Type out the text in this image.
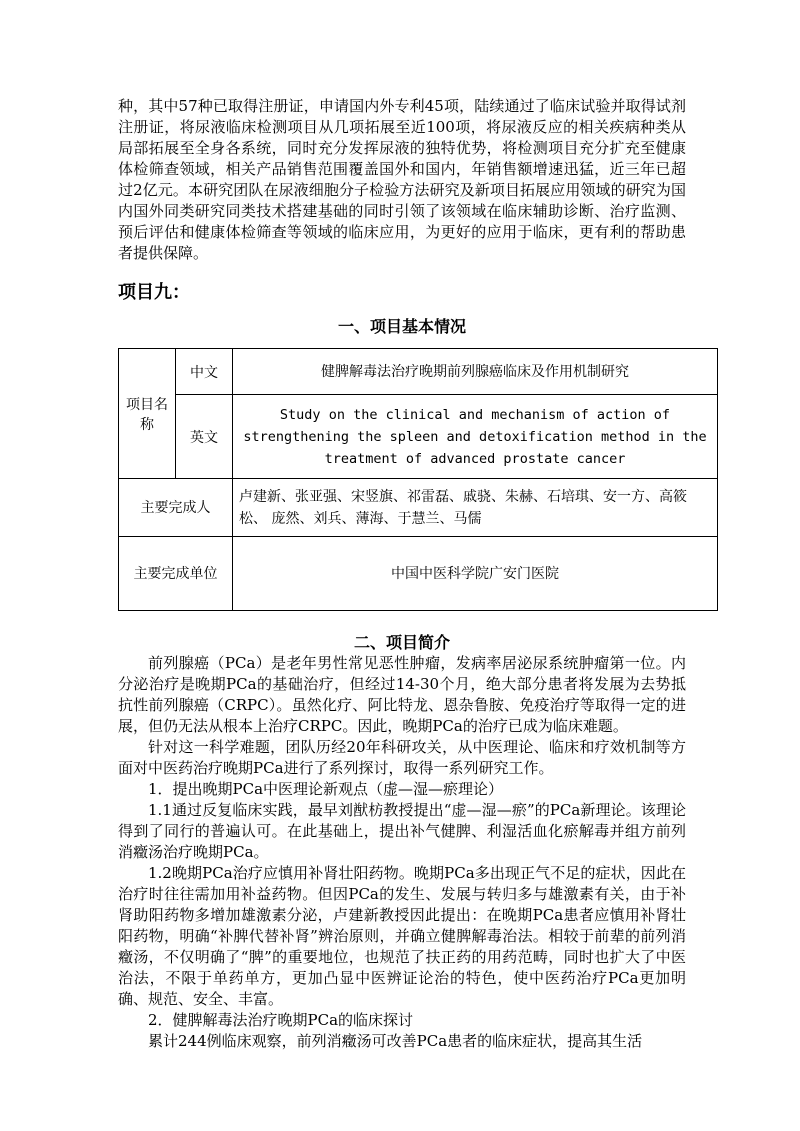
种，其中57种已取得注册证，申请国内外专利45项，陆续通过了临床试验并取得试剂注册证，将尿液临床检测项目从几项拓展至近100项，将尿液反应的相关疾病种类从局部拓展至全身各系统，同时充分发挥尿液的独特优势，将检测项目充分扩充至健康体检筛查领域，相关产品销售范围覆盖国外和国内，年销售额增速迅猛，近三年已超过2亿元。本研究团队在尿液细胞分子检验方法研究及新项目拓展应用领域的研究为国内国外同类研究同类技术搭建基础的同时引领了该领域在临床辅助诊断、治疗监测、预后评估和健康体检筛查等领域的临床应用，为更好的应用于临床，更有利的帮助患者提供保障。

项目九：
一、项目基本情况
项目名称	中文	健脾解毒法治疗晚期前列腺癌临床及作用机制研究
	英文	Study on the clinical and mechanism of action of strengthening the spleen and detoxification method in the treatment of advanced prostate cancer
主要完成人		卢建新、张亚强、宋竖旗、祁雷磊、戚骁、朱赫、石培琪、安一方、高筱松、 庞然、刘兵、薄海、于慧兰、马儒
主要完成单位		中国中医科学院广安门医院
二、项目简介

前列腺癌（PCa）是老年男性常见恶性肿瘤，发病率居泌尿系统肿瘤第一位。内分泌治疗是晚期PCa的基础治疗，但经过14-30个月，绝大部分患者将发展为去势抵抗性前列腺癌（CRPC）。虽然化疗、阿比特龙、恩杂鲁胺、免疫治疗等取得一定的进展，但仍无法从根本上治疗CRPC。因此，晚期PCa的治疗已成为临床难题。

针对这一科学难题，团队历经20年科研攻关，从中医理论、临床和疗效机制等方面对中医药治疗晚期PCa进行了系列探讨，取得一系列研究工作。

1．提出晚期PCa中医理论新观点（虚—湿—瘀理论）

1.1通过反复临床实践，最早刘猷枋教授提出“虚—湿—瘀”的PCa新理论。该理论得到了同行的普遍认可。在此基础上，提出补气健脾、利湿活血化瘀解毒并组方前列消癥汤治疗晚期PCa。

1.2晚期PCa治疗应慎用补肾壮阳药物。晚期PCa多出现正气不足的症状，因此在治疗时往往需加用补益药物。但因PCa的发生、发展与转归多与雄激素有关，由于补肾助阳药物多增加雄激素分泌，卢建新教授因此提出：在晚期PCa患者应慎用补肾壮阳药物，明确“补脾代替补肾”辨治原则，并确立健脾解毒治法。相较于前辈的前列消癥汤，不仅明确了“脾”的重要地位，也规范了扶正药的用药范畴，同时也扩大了中医治法，不限于单药单方，更加凸显中医辨证论治的特色，使中医药治疗PCa更加明确、规范、安全、丰富。

2．健脾解毒法治疗晚期PCa的临床探讨

累计244例临床观察，前列消癥汤可改善PCa患者的临床症状，提高其生活
